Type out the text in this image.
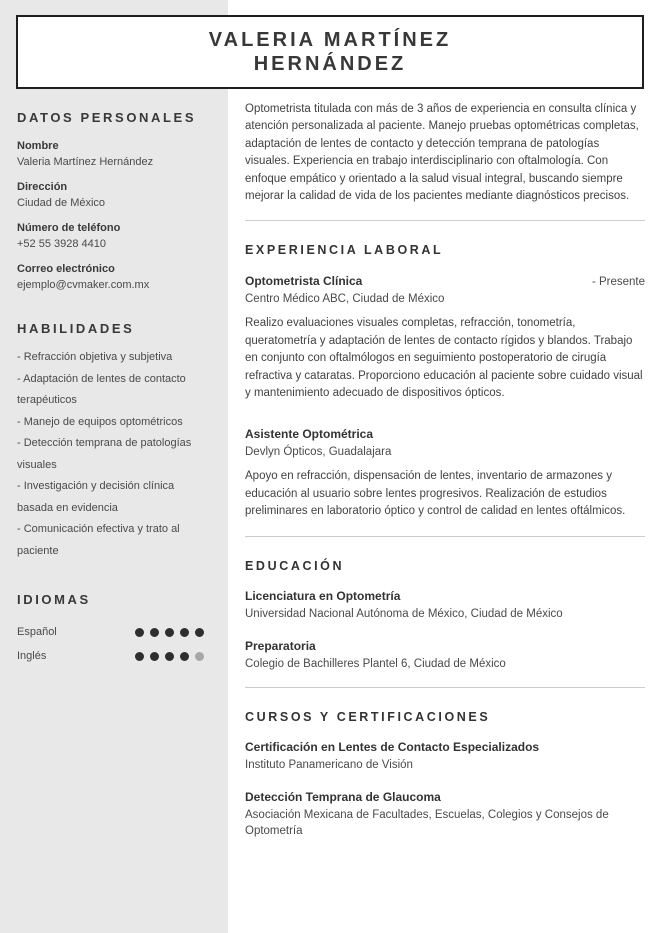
DATOS PERSONALES
Nombre
Valeria Martínez Hernández
Dirección
Ciudad de México
Número de teléfono
+52 55 3928 4410
Correo electrónico
ejemplo@cvmaker.com.mx
HABILIDADES
- Refracción objetiva y subjetiva
- Adaptación de lentes de contacto terapéuticos
- Manejo de equipos optométricos
- Detección temprana de patologías visuales
- Investigación y decisión clínica basada en evidencia
- Comunicación efectiva y trato al paciente
IDIOMAS
Español
Inglés
VALERIA MARTÍNEZ
HERNÁNDEZ

Optometrista titulada con más de 3 años de experiencia en consulta clínica y atención personalizada al paciente. Manejo pruebas optométricas completas, adaptación de lentes de contacto y detección temprana de patologías visuales. Experiencia en trabajo interdisciplinario con oftalmología. Con enfoque empático y orientado a la salud visual integral, buscando siempre mejorar la calidad de vida de los pacientes mediante diagnósticos precisos.

EXPERIENCIA LABORAL
Optometrista Clínica	- Presente
Centro Médico ABC, Ciudad de México
Realizo evaluaciones visuales completas, refracción, tonometría, queratometría y adaptación de lentes de contacto rígidos y blandos. Trabajo en conjunto con oftalmólogos en seguimiento postoperatorio de cirugía refractiva y cataratas. Proporciono educación al paciente sobre cuidado visual y mantenimiento adecuado de dispositivos ópticos.
Asistente Optométrica
Devlyn Ópticos, Guadalajara
Apoyo en refracción, dispensación de lentes, inventario de armazones y educación al usuario sobre lentes progresivos. Realización de estudios preliminares en laboratorio óptico y control de calidad en lentes oftálmicos.
EDUCACIÓN
Licenciatura en Optometría
Universidad Nacional Autónoma de México, Ciudad de México
Preparatoria
Colegio de Bachilleres Plantel 6, Ciudad de México
CURSOS Y CERTIFICACIONES
Certificación en Lentes de Contacto Especializados
Instituto Panamericano de Visión
Detección Temprana de Glaucoma
Asociación Mexicana de Facultades, Escuelas, Colegios y Consejos de Optometría
